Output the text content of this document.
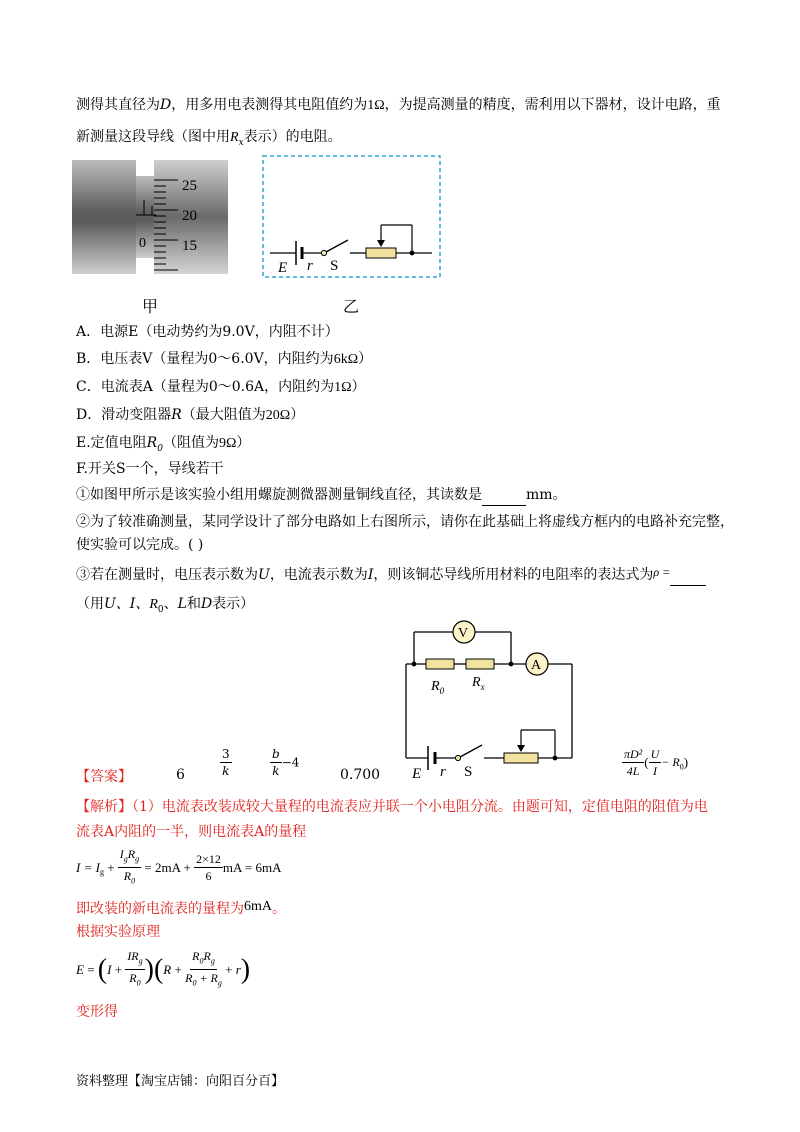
测得其直径为D，用多用电表测得其电阻值约为1Ω，为提高测量的精度，需利用以下器材，设计电路，重
新测量这段导线（图中用$R_x$表示）的电阻。
0
25
20
15
甲
E r S
乙
A．电源E（电动势约为9.0V，内阻不计）
B．电压表V（量程为0～6.0V，内阻约为6kΩ）
C．电流表A（量程为0～0.6A，内阻约为1Ω）
D．滑动变阻器R（最大阻值为20Ω）
E.定值电阻$R_0$（阻值为9Ω）
F.开关S一个，导线若干
①如图甲所示是该实验小组用螺旋测微器测量铜线直径，其读数是	mm。
②为了较准确测量，某同学设计了部分电路如上右图所示，请你在此基础上将虚线方框内的电路补充完整，
使实验可以完成。( )
③若在测量时，电压表示数为U，电流表示数为I，则该铜芯导线所用材料的电阻率的表达式为ρ =
（用U、I、$R_0$、L和D表示）
V
A
$R_0$
$R_x$
E r S
【答案】	6	$\frac{3}{k}$	$\frac{b}{k} -4$
0.700	$\frac{\text{πD²}}{4L}$ ( $\frac{U}{I} - R_0$)
【解析】（1）电流表改装成较大量程的电流表应并联一个小电阻分流。由题可知，定值电阻的阻值为电
流表A内阻的一半，则电流表A的量程
$I = I_g + \frac{I_gR_g}{R_0} = 2mA + \frac{2\times 12}{6}$ mA = 6mA
即改装的新电流表的量程为6mA。
根据实验原理
$E = (I + \frac{IR_g}{R_0} )(R + \frac{R_0R_g}{R_0 + R_g} + r)$
变形得
资料整理【淘宝店铺：向阳百分百】
